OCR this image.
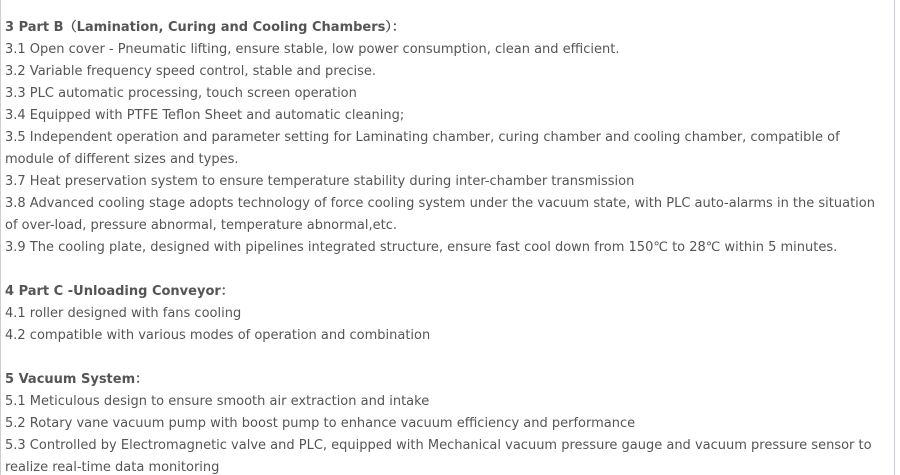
3 Part B（Lamination, Curing and Cooling Chambers）：

3.1 Open cover - Pneumatic lifting, ensure stable, low power consumption, clean and efficient.

3.2 Variable frequency speed control, stable and precise.

3.3 PLC automatic processing, touch screen operation

3.4 Equipped with PTFE Teflon Sheet and automatic cleaning;

3.5 Independent operation and parameter setting for Laminating chamber, curing chamber and cooling chamber, compatible of module of different sizes and types.

3.7 Heat preservation system to ensure temperature stability during inter-chamber transmission

3.8 Advanced cooling stage adopts technology of force cooling system under the vacuum state, with PLC auto-alarms in the situation of over-load, pressure abnormal, temperature abnormal,etc.

3.9 The cooling plate, designed with pipelines integrated structure, ensure fast cool down from 150℃ to 28℃ within 5 minutes.

4 Part C -Unloading Conveyor：

4.1 roller designed with fans cooling

4.2 compatible with various modes of operation and combination

5 Vacuum System：

5.1 Meticulous design to ensure smooth air extraction and intake

5.2 Rotary vane vacuum pump with boost pump to enhance vacuum efficiency and performance

5.3 Controlled by Electromagnetic valve and PLC, equipped with Mechanical vacuum pressure gauge and vacuum pressure sensor to realize real-time data monitoring
